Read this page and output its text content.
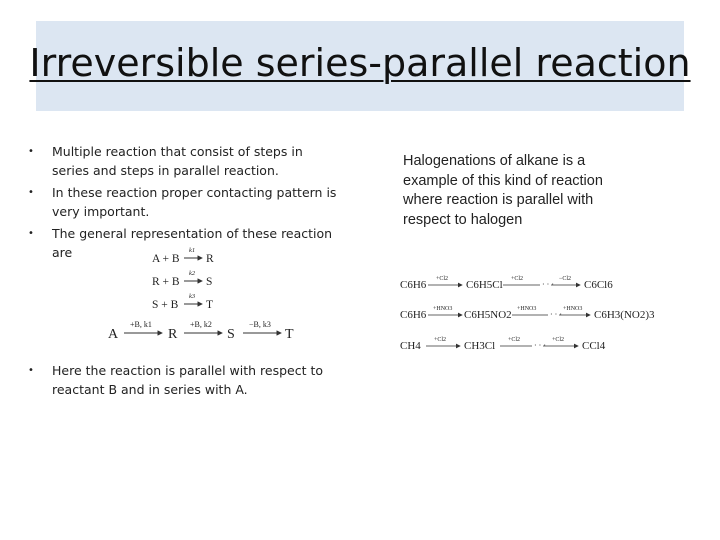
Irreversible series-parallel reaction
• Multiple reaction that consist of steps in series and steps in parallel reaction.
• In these reaction proper contacting pattern is very important.
• The general representation of these reaction are
• Here the reaction is parallel with respect to reactant B and in series with A.
A + B
k1
R
R + B
k2
S
S + B
k3
T
A
+B, k1
R
+B, k2
S
−B, k3
T
C6H6 +Cl2 C6H5Cl +Cl2
· · ·
−Cl2 C6Cl6
C6H6 +HNO3 C6H5NO2 +HNO3
· · ·
+HNO3 C6H3(NO2)3
CH4 +Cl2 CH3Cl +Cl2
· · ·
+Cl2 CCl4
Halogenations of alkane is a example of this kind of reaction where reaction is parallel with respect to halogen
